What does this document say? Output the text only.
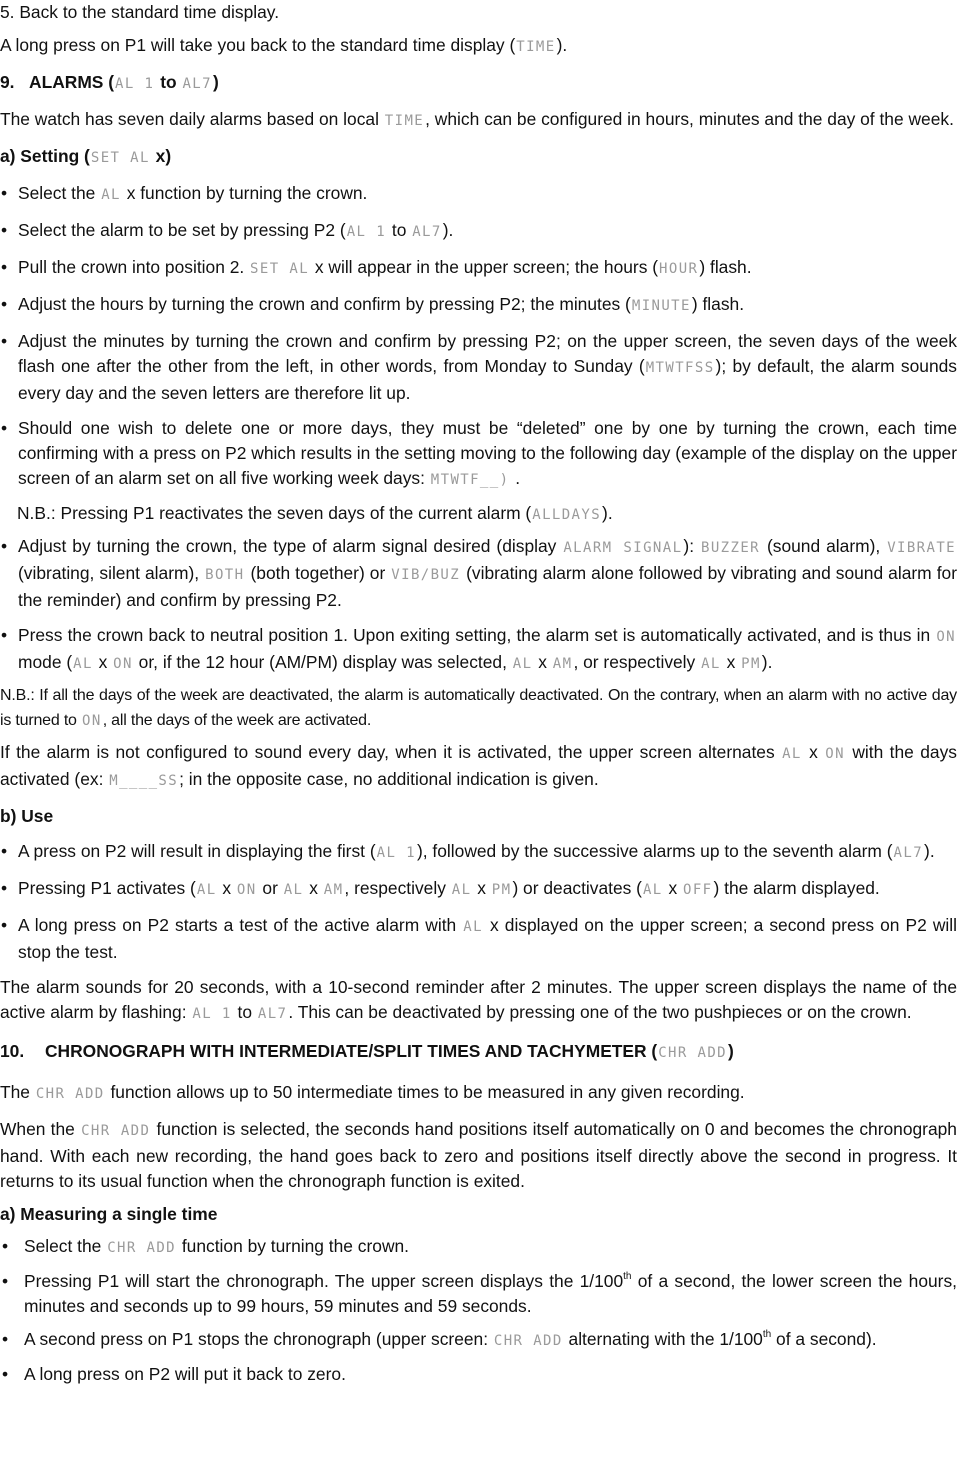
5. Back to the standard time display.
A long press on P1 will take you back to the standard time display (TIME).
9. ALARMS (AL 1 to AL7)
The watch has seven daily alarms based on local TIME, which can be configured in hours, minutes and the day of the week.
a) Setting (SET AL x)
• Select the AL x function by turning the crown.
• Select the alarm to be set by pressing P2 (AL 1 to AL7).
• Pull the crown into position 2. SET AL x will appear in the upper screen; the hours (HOUR) flash.
• Adjust the hours by turning the crown and confirm by pressing P2; the minutes (MINUTE) flash.
• Adjust the minutes by turning the crown and confirm by pressing P2; on the upper screen, the seven days of the week flash one after the other from the left, in other words, from Monday to Sunday (MTWTFSS); by default, the alarm sounds every day and the seven letters are therefore lit up.
• Should one wish to delete one or more days, they must be “deleted” one by one by turning the crown, each time confirming with a press on P2 which results in the setting moving to the following day (example of the display on the upper screen of an alarm set on all five working week days: MTWTF__) .
N.B.: Pressing P1 reactivates the seven days of the current alarm (ALLDAYS).
• Adjust by turning the crown, the type of alarm signal desired (display ALARM SIGNAL): BUZZER (sound alarm), VIBRATE (vibrating, silent alarm), BOTH (both together) or VIB/BUZ (vibrating alarm alone followed by vibrating and sound alarm for the reminder) and confirm by pressing P2.
• Press the crown back to neutral position 1. Upon exiting setting, the alarm set is automatically activated, and is thus in ON mode (AL x ON or, if the 12 hour (AM/PM) display was selected, AL x AM, or respectively AL x PM).
N.B.: If all the days of the week are deactivated, the alarm is automatically deactivated. On the contrary, when an alarm with no active day is turned to ON, all the days of the week are activated.
If the alarm is not configured to sound every day, when it is activated, the upper screen alternates AL x ON with the days activated (ex: M____SS; in the opposite case, no additional indication is given.
b) Use
• A press on P2 will result in displaying the first (AL 1), followed by the successive alarms up to the seventh alarm (AL7).
• Pressing P1 activates (AL x ON or AL x AM, respectively AL x PM) or deactivates (AL x OFF) the alarm displayed.
• A long press on P2 starts a test of the active alarm with AL x displayed on the upper screen; a second press on P2 will stop the test.
The alarm sounds for 20 seconds, with a 10-second reminder after 2 minutes. The upper screen displays the name of the active alarm by flashing: AL 1 to AL7. This can be deactivated by pressing one of the two pushpieces or on the crown.
10. CHRONOGRAPH WITH INTERMEDIATE/SPLIT TIMES AND TACHYMETER (CHR ADD)
The CHR ADD function allows up to 50 intermediate times to be measured in any given recording.
When the CHR ADD function is selected, the seconds hand positions itself automatically on 0 and becomes the chronograph hand. With each new recording, the hand goes back to zero and positions itself directly above the second in progress. It returns to its usual function when the chronograph function is exited.
a) Measuring a single time
• Select the CHR ADD function by turning the crown.
• Pressing P1 will start the chronograph. The upper screen displays the 1/100th of a second, the lower screen the hours, minutes and seconds up to 99 hours, 59 minutes and 59 seconds.
• A second press on P1 stops the chronograph (upper screen: CHR ADD alternating with the 1/100th of a second).
• A long press on P2 will put it back to zero.
